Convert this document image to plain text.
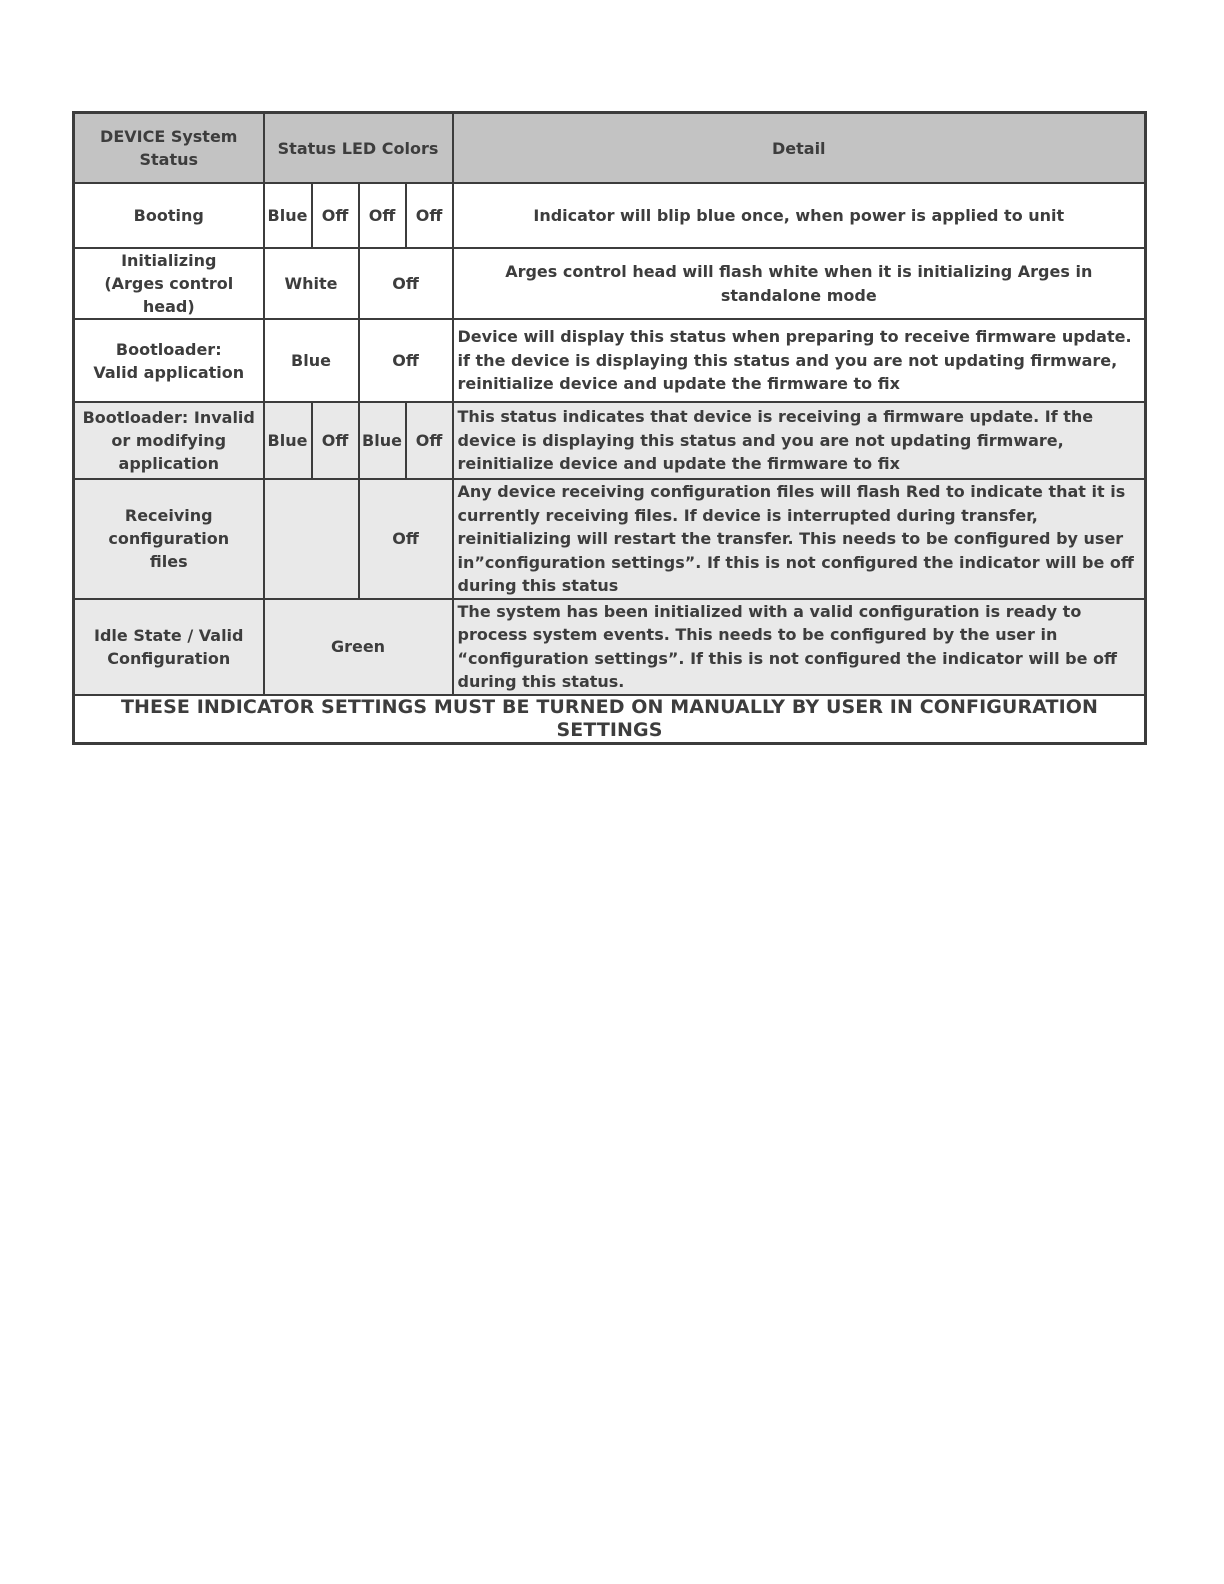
DEVICE System Status	Status LED Colors				Detail
Booting	Blue	Off	Off	Off	Indicator will blip blue once, when power is applied to unit
Initializing (Arges control head)	White		Off		Arges control head will flash white when it is initializing Arges in standalone mode
Bootloader: Valid application	Blue		Off		Device will display this status when preparing to receive firmware update. if the device is displaying this status and you are not updating firmware, reinitialize device and update the firmware to fix
Bootloader: Invalid or modifying application	Blue	Off	Blue	Off	This status indicates that device is receiving a firmware update. If the device is displaying this status and you are not updating firmware, reinitialize device and update the firmware to fix
Receiving configuration files			Off		Any device receiving configuration files will flash Red to indicate that it is currently receiving files. If device is interrupted during transfer, reinitializing will restart the transfer. This needs to be configured by user in”configuration settings”. If this is not configured the indicator will be off during this status
Idle State / Valid Configuration	Green				The system has been initialized with a valid configuration is ready to process system events. This needs to be configured by the user in “configuration settings”. If this is not configured the indicator will be off during this status.
THESE INDICATOR SETTINGS MUST BE TURNED ON MANUALLY BY USER IN CONFIGURATION SETTINGS					
